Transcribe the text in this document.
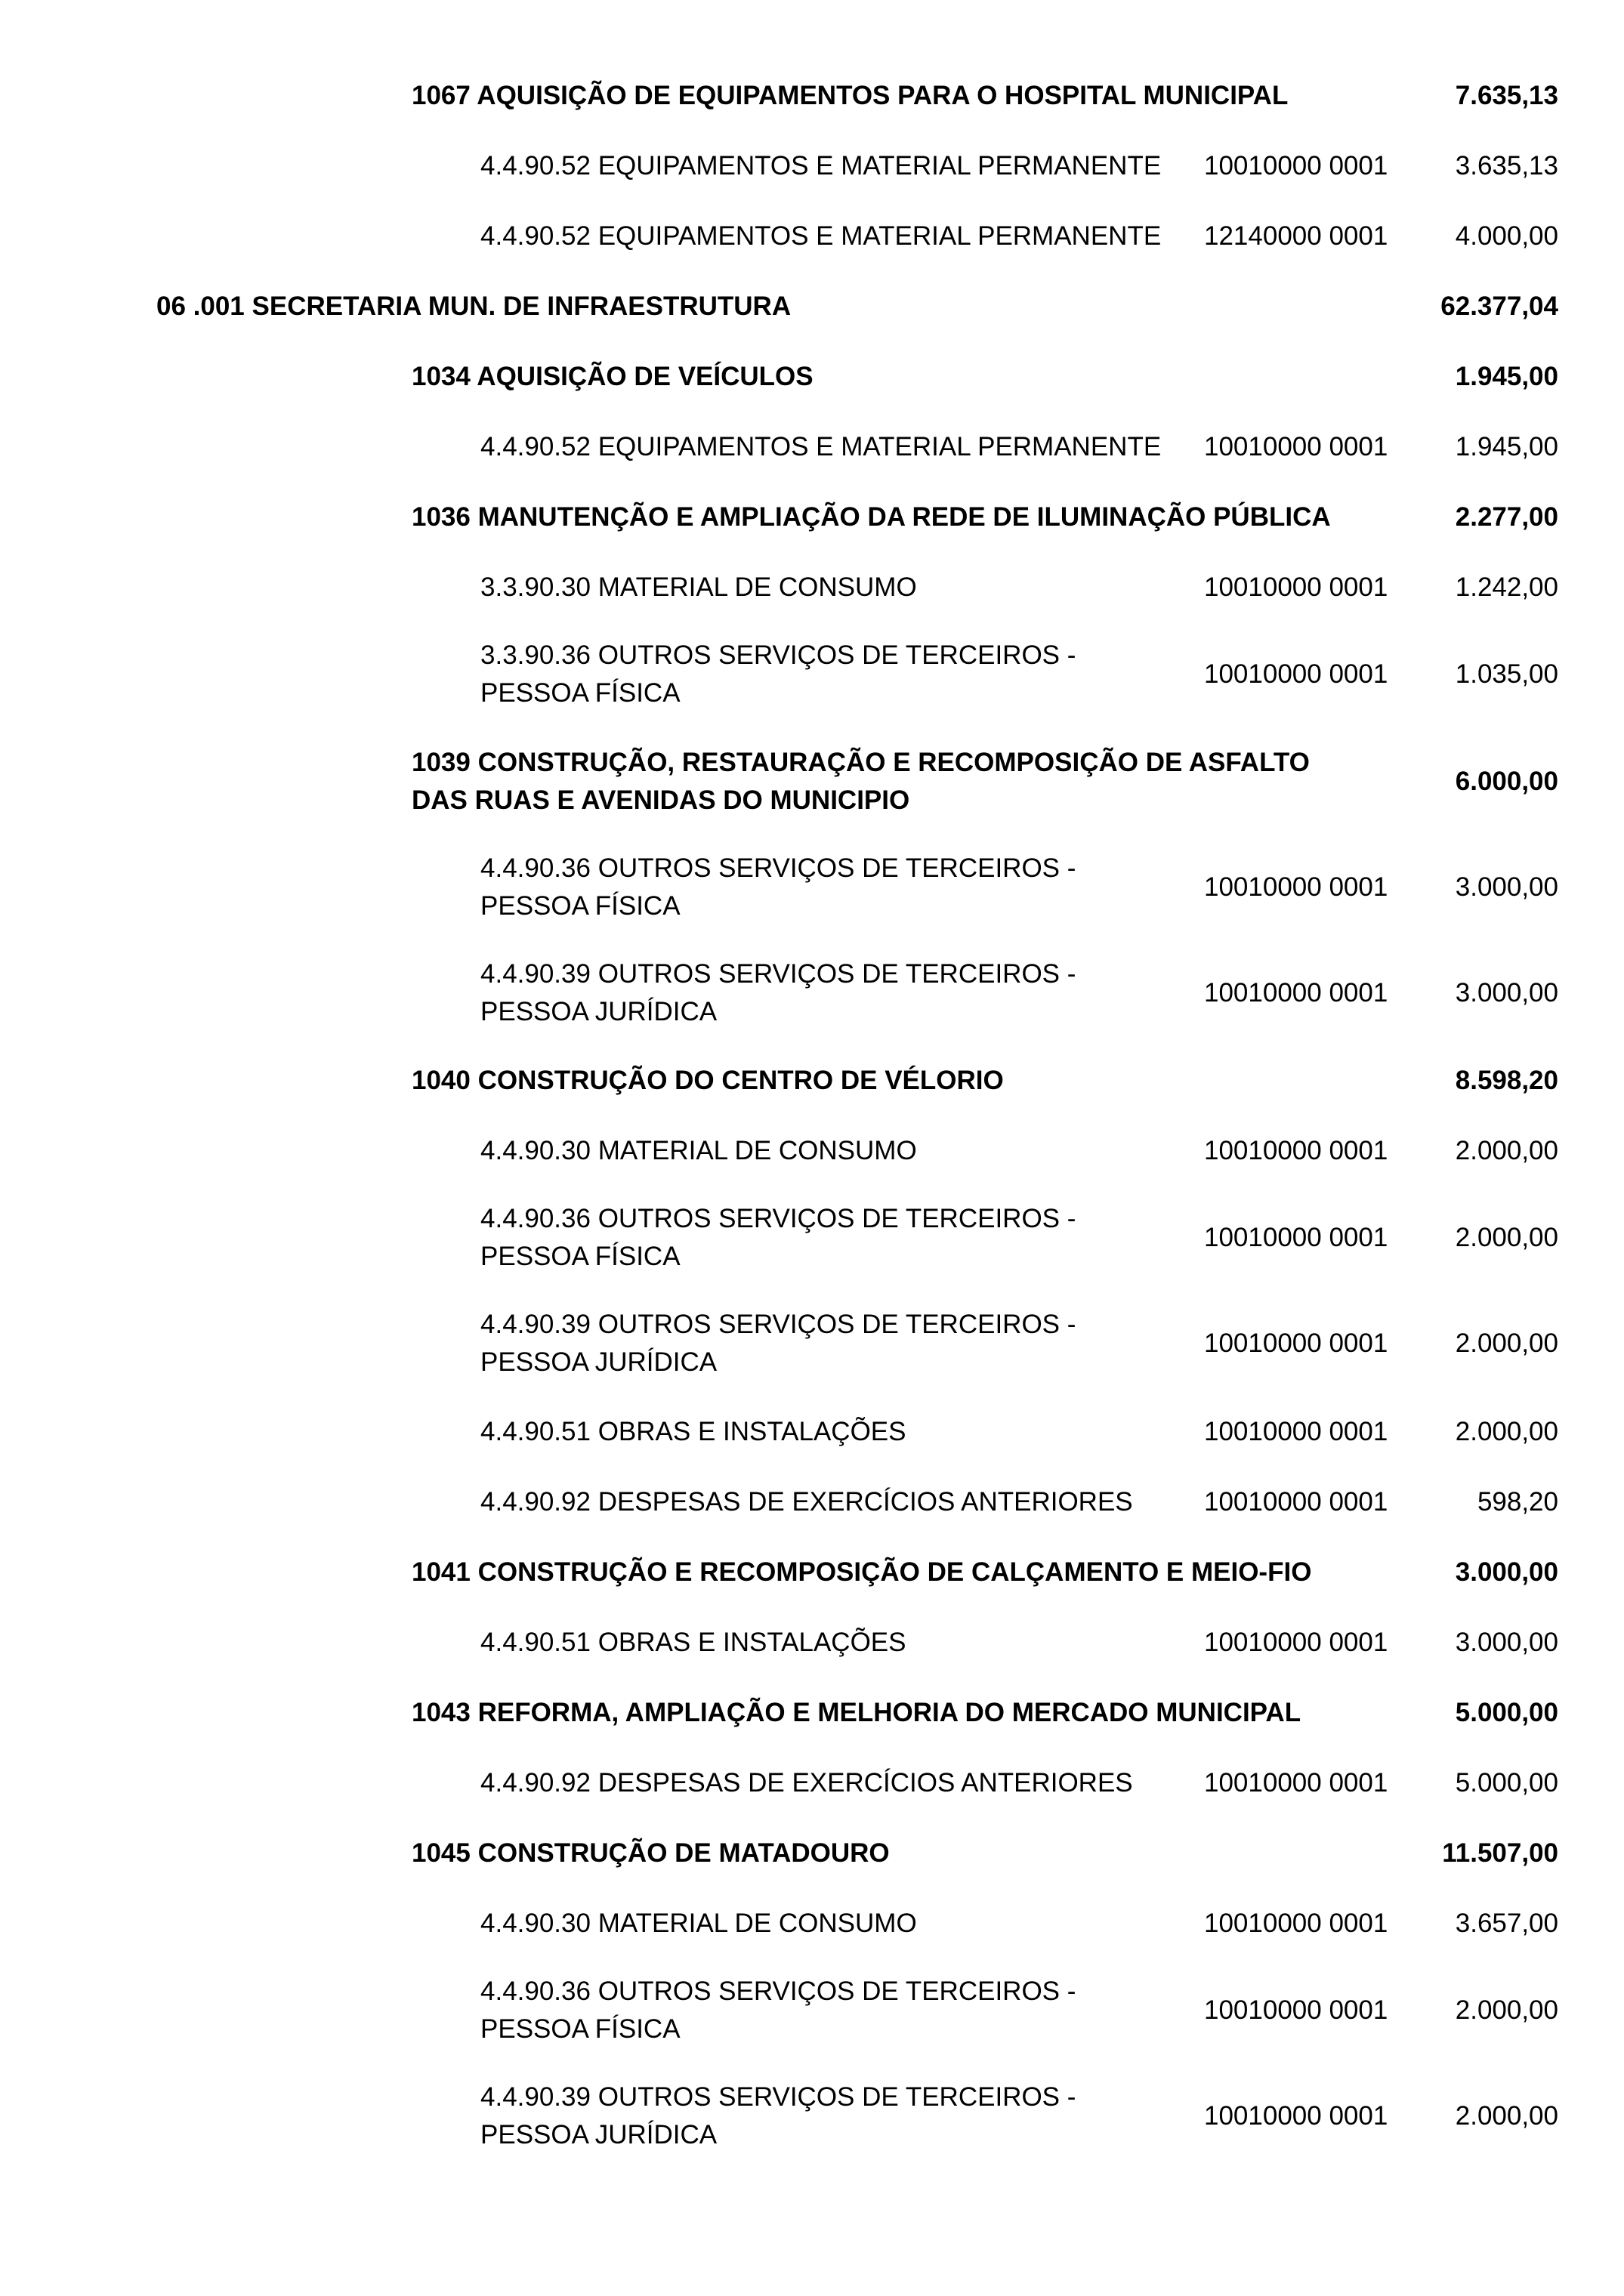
1067 AQUISIÇÃO DE EQUIPAMENTOS PARA O HOSPITAL MUNICIPAL	7.635,13
4.4.90.52 EQUIPAMENTOS E MATERIAL PERMANENTE 10010000 0001	3.635,13
4.4.90.52 EQUIPAMENTOS E MATERIAL PERMANENTE 12140000 0001	4.000,00
06 .001 SECRETARIA MUN. DE INFRAESTRUTURA	62.377,04
1034 AQUISIÇÃO DE VEÍCULOS	1.945,00
4.4.90.52 EQUIPAMENTOS E MATERIAL PERMANENTE 10010000 0001	1.945,00
1036 MANUTENÇÃO E AMPLIAÇÃO DA REDE DE ILUMINAÇÃO PÚBLICA	2.277,00
3.3.90.30 MATERIAL DE CONSUMO	10010000 0001	1.242,00
3.3.90.36 OUTROS SERVIÇOS DE TERCEIROS -
PESSOA FÍSICA
10010000 0001	1.035,00
1039 CONSTRUÇÃO, RESTAURAÇÃO E RECOMPOSIÇÃO DE ASFALTO
DAS RUAS E AVENIDAS DO MUNICIPIO
6.000,00
4.4.90.36 OUTROS SERVIÇOS DE TERCEIROS -
PESSOA FÍSICA
10010000 0001	3.000,00
4.4.90.39 OUTROS SERVIÇOS DE TERCEIROS -
PESSOA JURÍDICA
10010000 0001	3.000,00
1040 CONSTRUÇÃO DO CENTRO DE VÉLORIO	8.598,20
4.4.90.30 MATERIAL DE CONSUMO	10010000 0001	2.000,00
4.4.90.36 OUTROS SERVIÇOS DE TERCEIROS -
PESSOA FÍSICA
10010000 0001	2.000,00
4.4.90.39 OUTROS SERVIÇOS DE TERCEIROS -
PESSOA JURÍDICA
10010000 0001	2.000,00
4.4.90.51 OBRAS E INSTALAÇÕES	10010000 0001	2.000,00
4.4.90.92 DESPESAS DE EXERCÍCIOS ANTERIORES	10010000 0001	598,20
1041 CONSTRUÇÃO E RECOMPOSIÇÃO DE CALÇAMENTO E MEIO-FIO	3.000,00
4.4.90.51 OBRAS E INSTALAÇÕES	10010000 0001	3.000,00
1043 REFORMA, AMPLIAÇÃO E MELHORIA DO MERCADO MUNICIPAL	5.000,00
4.4.90.92 DESPESAS DE EXERCÍCIOS ANTERIORES	10010000 0001	5.000,00
1045 CONSTRUÇÃO DE MATADOURO	11.507,00
4.4.90.30 MATERIAL DE CONSUMO	10010000 0001	3.657,00
4.4.90.36 OUTROS SERVIÇOS DE TERCEIROS -
PESSOA FÍSICA
10010000 0001	2.000,00
4.4.90.39 OUTROS SERVIÇOS DE TERCEIROS -
PESSOA JURÍDICA
10010000 0001	2.000,00
